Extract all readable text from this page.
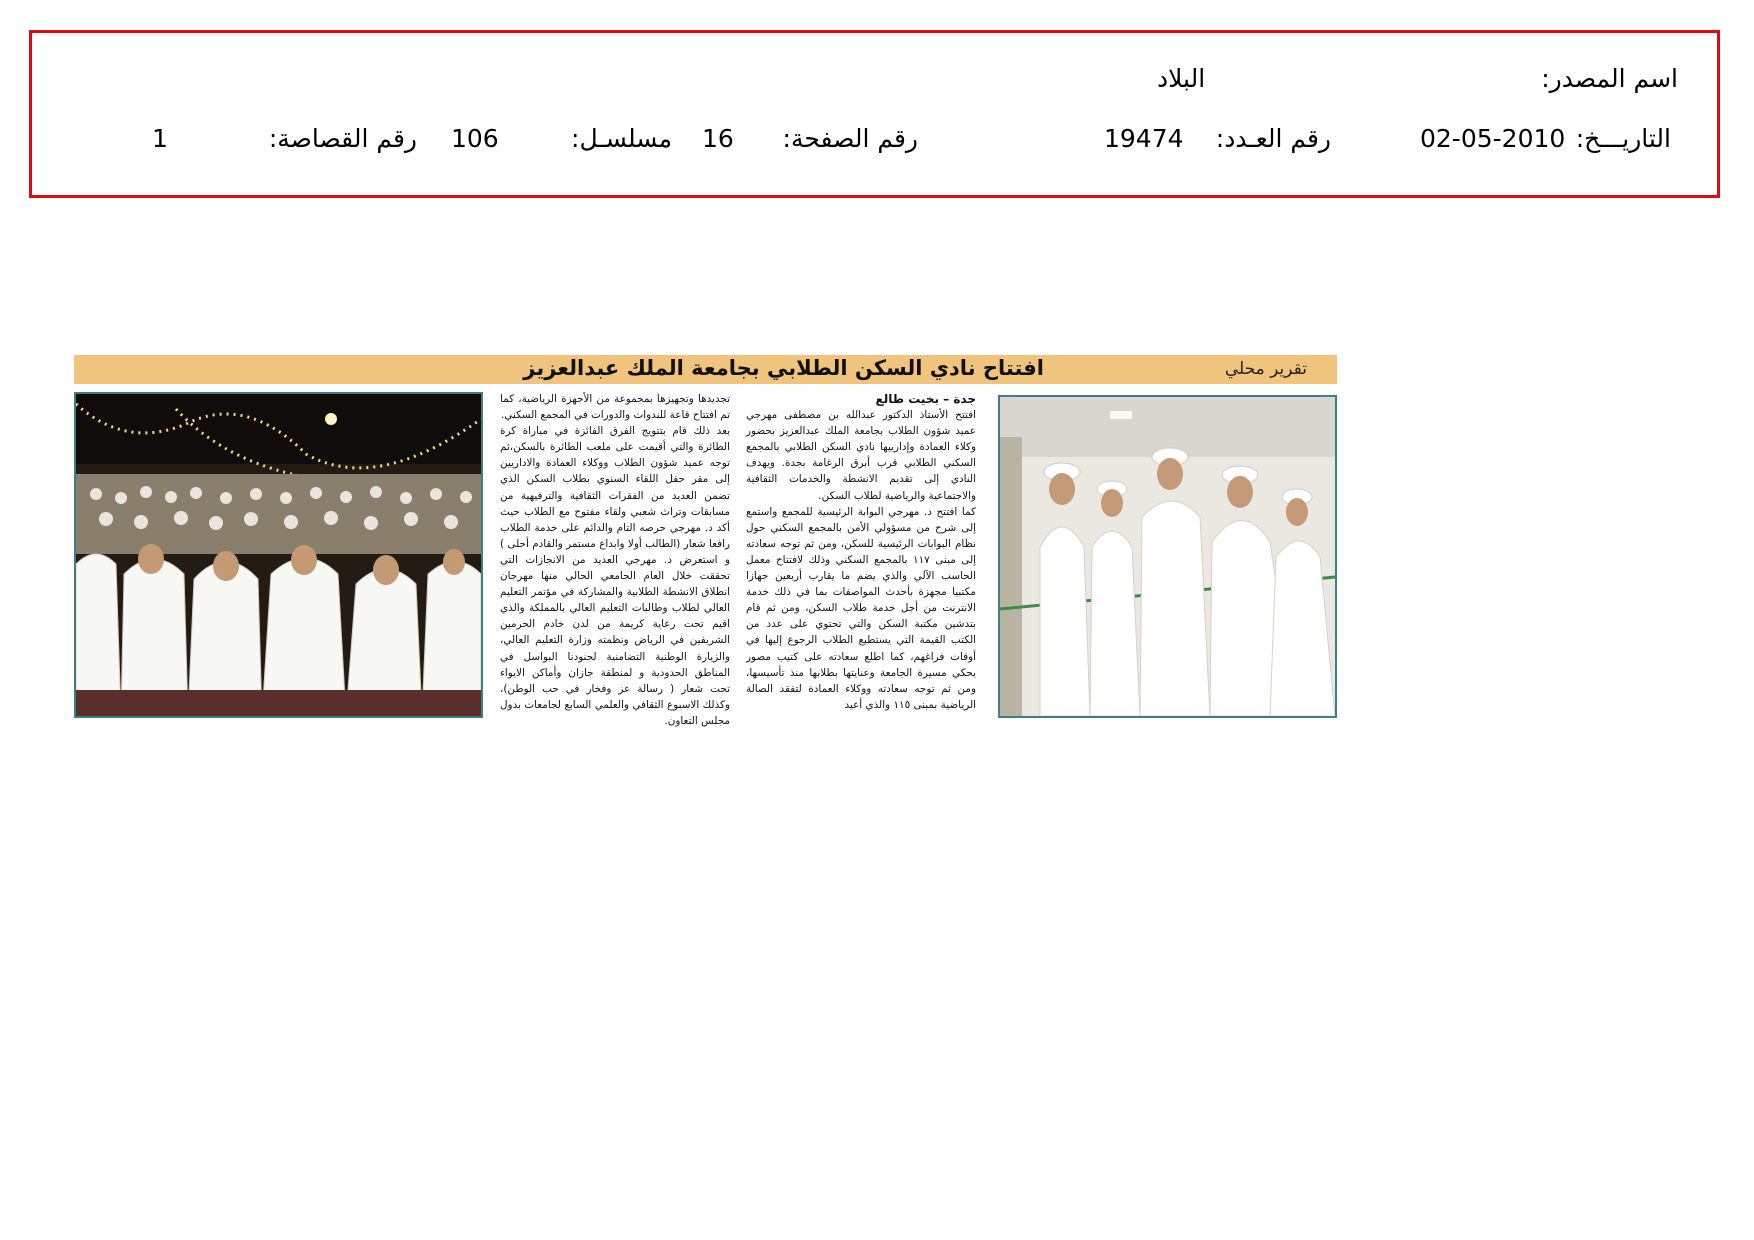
اسم المصدر:
البلاد
التاريـــخ:
02-05-2010
رقم العـدد:
19474
رقم الصفحة:
16
مسلسـل:
106
رقم القصاصة:
1
افتتاح نادي السكن الطلابي بجامعة الملك عبدالعزيز	تقرير محلي

جدة – بخيت طالع

افتتح الأستاذ الدكتور عبدالله بن مصطفى مهرجي عميد شؤون الطلاب بجامعة الملك عبدالعزيز بحضور وكلاء العمادة وإدارييها نادي السكن الطلابي بالمجمع السكني الطلابي قرب أبرق الرغامة بجدة. ويهدف النادي إلى تقديم الانشطة والخدمات الثقافية والاجتماعية والرياضية لطلاب السكن.

كما افتتح د. مهرجي البوابة الرئيسية للمجمع واستمع إلى شرح من مسؤولي الأمن بالمجمع السكني حول نظام البوابات الرئيسية للسكن، ومن ثم توجه سعادته إلى مبنى ١١٧ بالمجمع السكني وذلك لافتتاح معمل الحاسب الآلي والذي يضم ما يقارب أربعين جهازا مكتبيا مجهزة بأحدث المواصفات بما في ذلك خدمة الانترنت من أجل خدمة طلاب السكن، ومن ثم قام بتدشين مكتبة السكن والتي تحتوي على عدد من الكتب القيمة التي يستطيع الطلاب الرجوع إليها في أوقات فراغهم، كما اطلع سعادته على كتيب مصور يحكي مسيرة الجامعة وعنايتها بطلابها منذ تأسيسها، ومن ثم توجه سعادته ووكلاء العمادة لتفقد الصالة الرياضية بمبنى ١١٥ والذي أعيد

تجديدها وتجهيزها بمجموعة من الأجهزة الرياضية، كما تم افتتاح قاعة للندوات والدورات في المجمع السكني.

بعد ذلك قام بتتويج الفرق الفائزة في مباراة كرة الطائرة والتي أقيمت على ملعب الطائرة بالسكن،ثم توجه عميد شؤون الطلاب ووكلاء العمادة والاداريين إلى مقر حفل اللقاء السنوي بطلاب السكن الذي تضمن العديد من الفقرات الثقافية والترفيهية من مسابقات وتراث شعبي ولقاء مفتوح مع الطلاب حيث أكد د. مهرجي حرصه التام والدائم على خدمة الطلاب رافعا شعار (الطالب أولا وابداع مستمر والقادم أحلى ) و استعرض د. مهرجي العديد من الانجازات التي تحققت خلال العام الجامعي الحالي منها مهرجان انطلاق الانشطة الطلابية والمشاركة في مؤتمر التعليم العالي لطلاب وطالبات التعليم العالي بالمملكة والذي اقيم تحت رعاية كريمة من لدن خادم الحرمين الشريفين في الرياض ونظمته وزارة التعليم العالي، والزيارة الوطنية التضامنية لجنودنا البواسل في المناطق الحدودية و لمنطقة جازان وأماكن الايواء تحت شعار ( رسالة عز وفخار في حب الوطن)، وكذلك الاسبوع الثقافي والعلمي السابع لجامعات بدول مجلس التعاون.
